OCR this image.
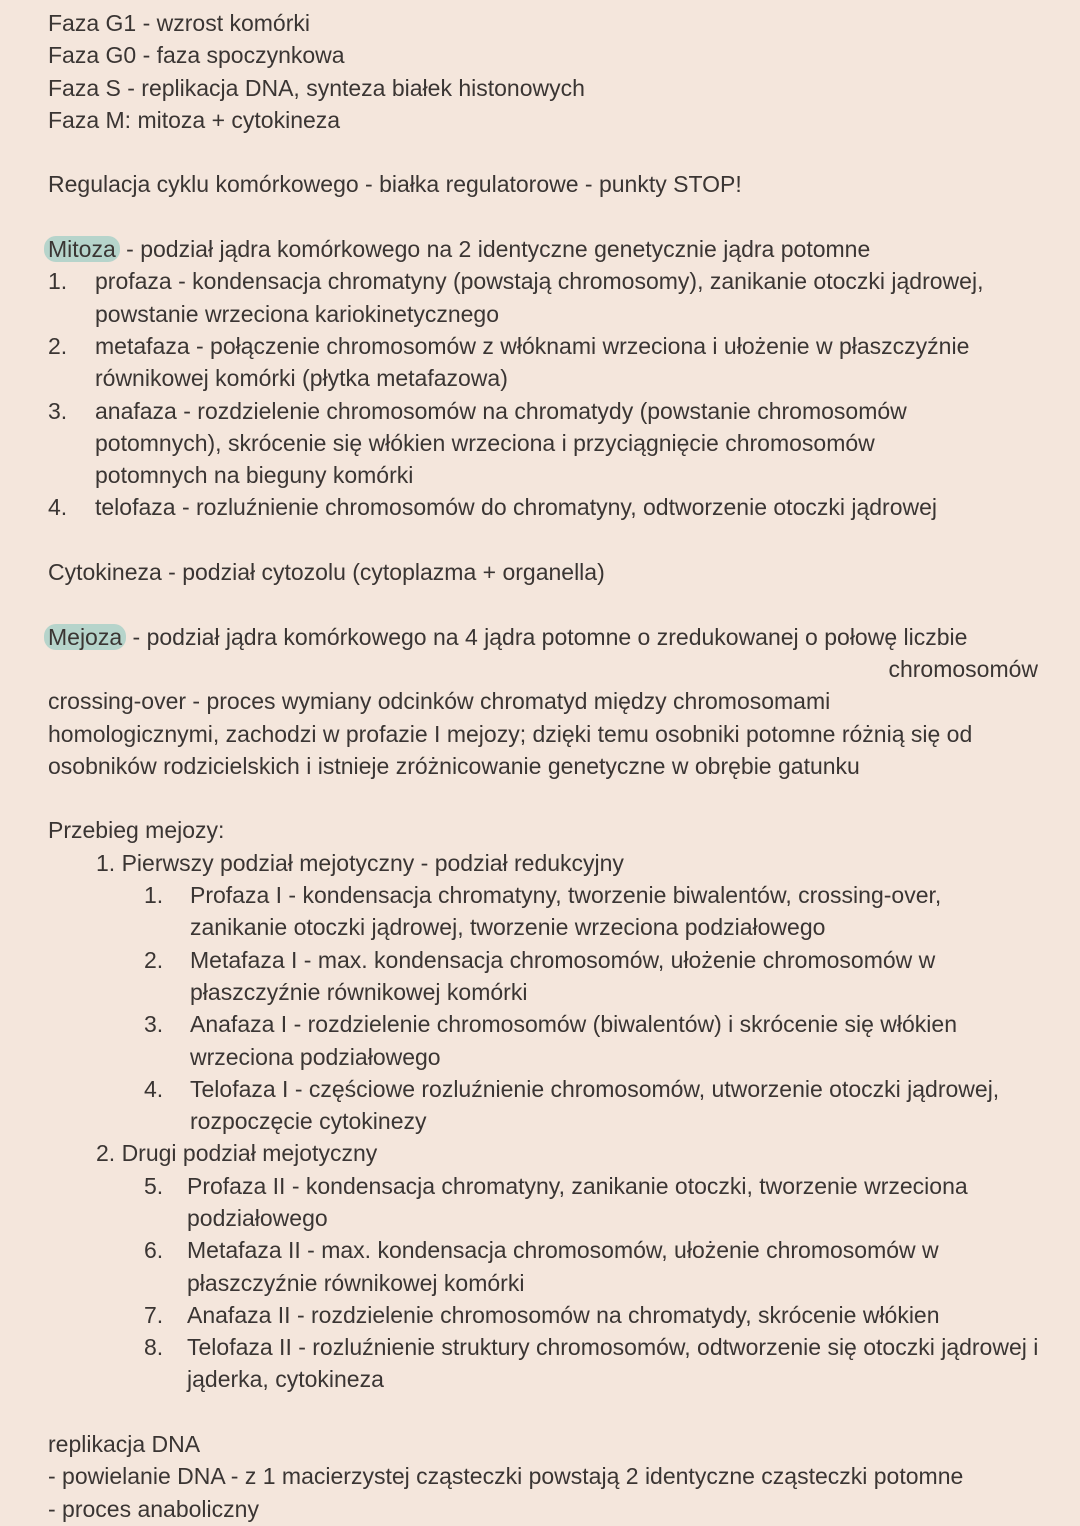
Faza G1 - wzrost komórki
Faza G0 - faza spoczynkowa
Faza S - replikacja DNA, synteza białek histonowych
Faza M: mitoza + cytokineza
Regulacja cyklu komórkowego - białka regulatorowe - punkty STOP!
Mitoza - podział jądra komórkowego na 2 identyczne genetycznie jądra potomne
1.	profaza - kondensacja chromatyny (powstają chromosomy), zanikanie otoczki jądrowej, powstanie wrzeciona kariokinetycznego
2.	metafaza - połączenie chromosomów z włóknami wrzeciona i ułożenie w płaszczyźnie równikowej komórki (płytka metafazowa)
3.	anafaza - rozdzielenie chromosomów na chromatydy (powstanie chromosomów potomnych), skrócenie się włókien wrzeciona i przyciągnięcie chromosomów potomnych na bieguny komórki
4.	telofaza - rozluźnienie chromosomów do chromatyny, odtworzenie otoczki jądrowej
Cytokineza - podział cytozolu (cytoplazma + organella)
Mejoza - podział jądra komórkowego na 4 jądra potomne o zredukowanej o połowę liczbie
chromosomów
crossing-over - proces wymiany odcinków chromatyd między chromosomami
homologicznymi, zachodzi w profazie I mejozy; dzięki temu osobniki potomne różnią się od
osobników rodzicielskich i istnieje zróżnicowanie genetyczne w obrębie gatunku
Przebieg mejozy:
1. Pierwszy podział mejotyczny - podział redukcyjny
1.	Profaza I - kondensacja chromatyny, tworzenie biwalentów, crossing-over, zanikanie otoczki jądrowej, tworzenie wrzeciona podziałowego
2.	Metafaza I - max. kondensacja chromosomów, ułożenie chromosomów w płaszczyźnie równikowej komórki
3.	Anafaza I - rozdzielenie chromosomów (biwalentów) i skrócenie się włókien wrzeciona podziałowego
4.	Telofaza I - częściowe rozluźnienie chromosomów, utworzenie otoczki jądrowej, rozpoczęcie cytokinezy
2. Drugi podział mejotyczny
5.	Profaza II - kondensacja chromatyny, zanikanie otoczki, tworzenie wrzeciona podziałowego
6.	Metafaza II - max. kondensacja chromosomów, ułożenie chromosomów w płaszczyźnie równikowej komórki
7.	Anafaza II - rozdzielenie chromosomów na chromatydy, skrócenie włókien
8.	Telofaza II - rozluźnienie struktury chromosomów, odtworzenie się otoczki jądrowej i jąderka, cytokineza
replikacja DNA
- powielanie DNA - z 1 macierzystej cząsteczki powstają 2 identyczne cząsteczki potomne
- proces anaboliczny
